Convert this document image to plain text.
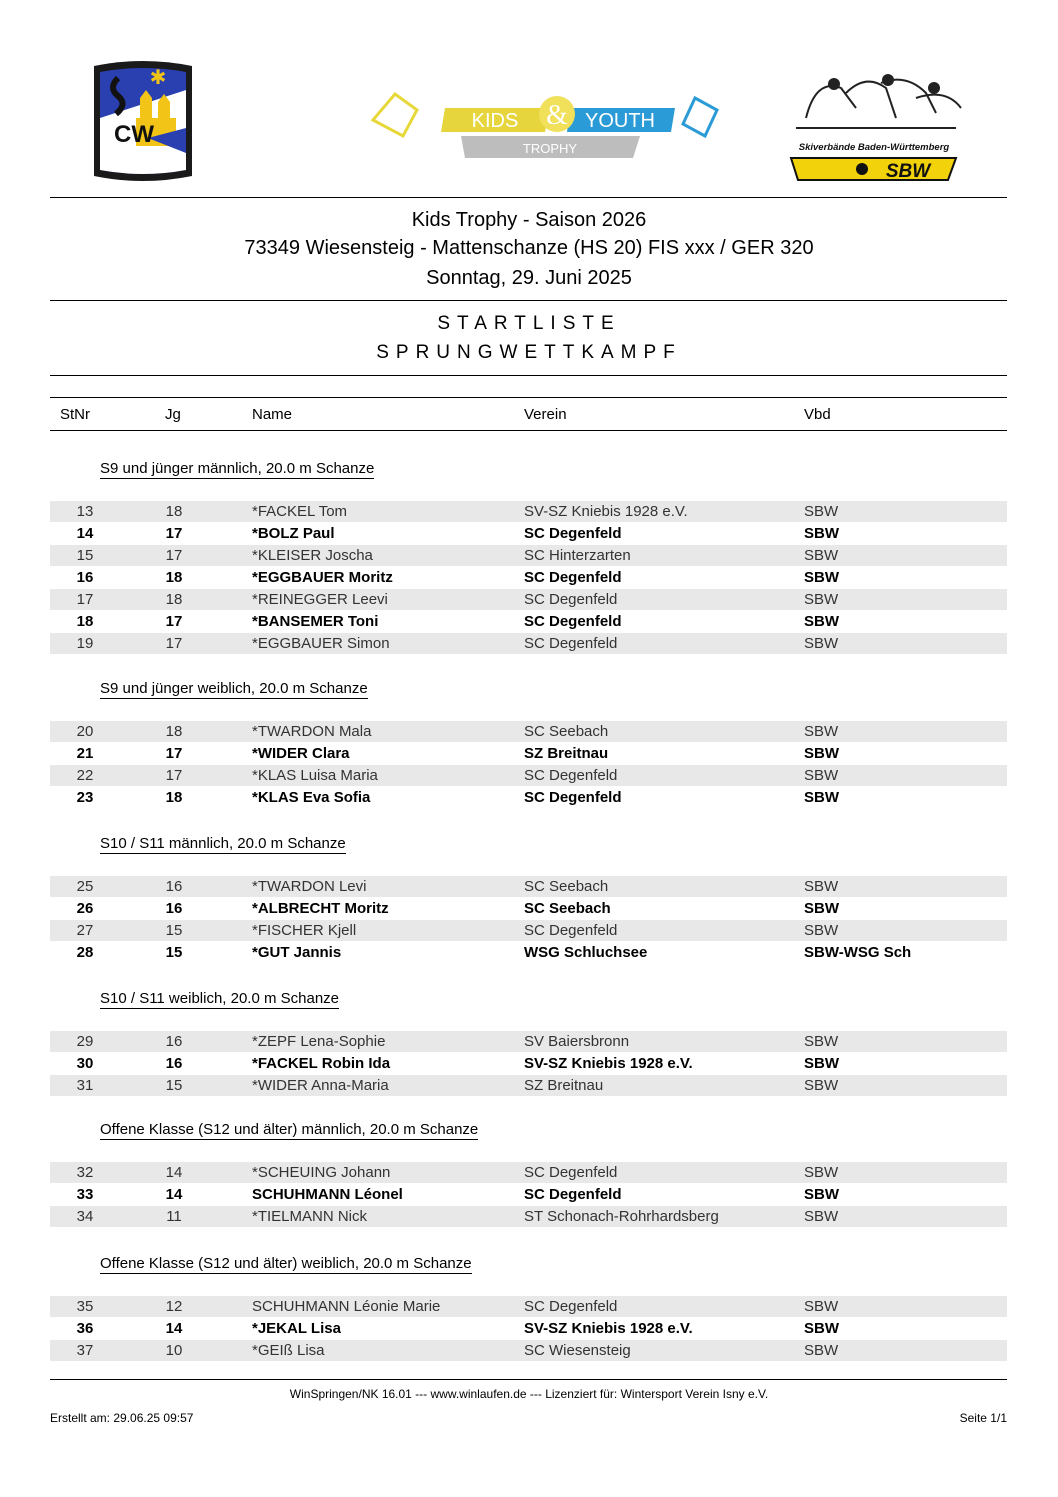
✱
CW	KIDS & YOUTH
TROPHY	Skiverbände Baden-Württemberg
SBW
Kids Trophy - Saison 2026
73349 Wiesensteig - Mattenschanze (HS 20) FIS xxx / GER 320
Sonntag, 29. Juni 2025
STARTLISTE
SPRUNGWETTKAMPF
StNr	Jg	Name	Verein	Vbd
S9 und jünger männlich, 20.0 m Schanze
13	18	*FACKEL Tom	SV-SZ Kniebis 1928 e.V.	SBW
14	17	*BOLZ Paul	SC Degenfeld	SBW
15	17	*KLEISER Joscha	SC Hinterzarten	SBW
16	18	*EGGBAUER Moritz	SC Degenfeld	SBW
17	18	*REINEGGER Leevi	SC Degenfeld	SBW
18	17	*BANSEMER Toni	SC Degenfeld	SBW
19	17	*EGGBAUER Simon	SC Degenfeld	SBW
S9 und jünger weiblich, 20.0 m Schanze
20	18	*TWARDON Mala	SC Seebach	SBW
21	17	*WIDER Clara	SZ Breitnau	SBW
22	17	*KLAS Luisa Maria	SC Degenfeld	SBW
23	18	*KLAS Eva Sofia	SC Degenfeld	SBW
S10 / S11 männlich, 20.0 m Schanze
25	16	*TWARDON Levi	SC Seebach	SBW
26	16	*ALBRECHT Moritz	SC Seebach	SBW
27	15	*FISCHER Kjell	SC Degenfeld	SBW
28	15	*GUT Jannis	WSG Schluchsee	SBW-WSG Sch
S10 / S11 weiblich, 20.0 m Schanze
29	16	*ZEPF Lena-Sophie	SV Baiersbronn	SBW
30	16	*FACKEL Robin Ida	SV-SZ Kniebis 1928 e.V.	SBW
31	15	*WIDER Anna-Maria	SZ Breitnau	SBW
Offene Klasse (S12 und älter) männlich, 20.0 m Schanze
32	14	*SCHEUING Johann	SC Degenfeld	SBW
33	14	SCHUHMANN Léonel	SC Degenfeld	SBW
34	11	*TIELMANN Nick	ST Schonach-Rohrhardsberg	SBW
Offene Klasse (S12 und älter) weiblich, 20.0 m Schanze
35	12	SCHUHMANN Léonie Marie	SC Degenfeld	SBW
36	14	*JEKAL Lisa	SV-SZ Kniebis 1928 e.V.	SBW
37	10	*GEIß Lisa	SC Wiesensteig	SBW
WinSpringen/NK 16.01 --- www.winlaufen.de --- Lizenziert für: Wintersport Verein Isny e.V.
Erstellt am: 29.06.25 09:57	Seite 1/1
